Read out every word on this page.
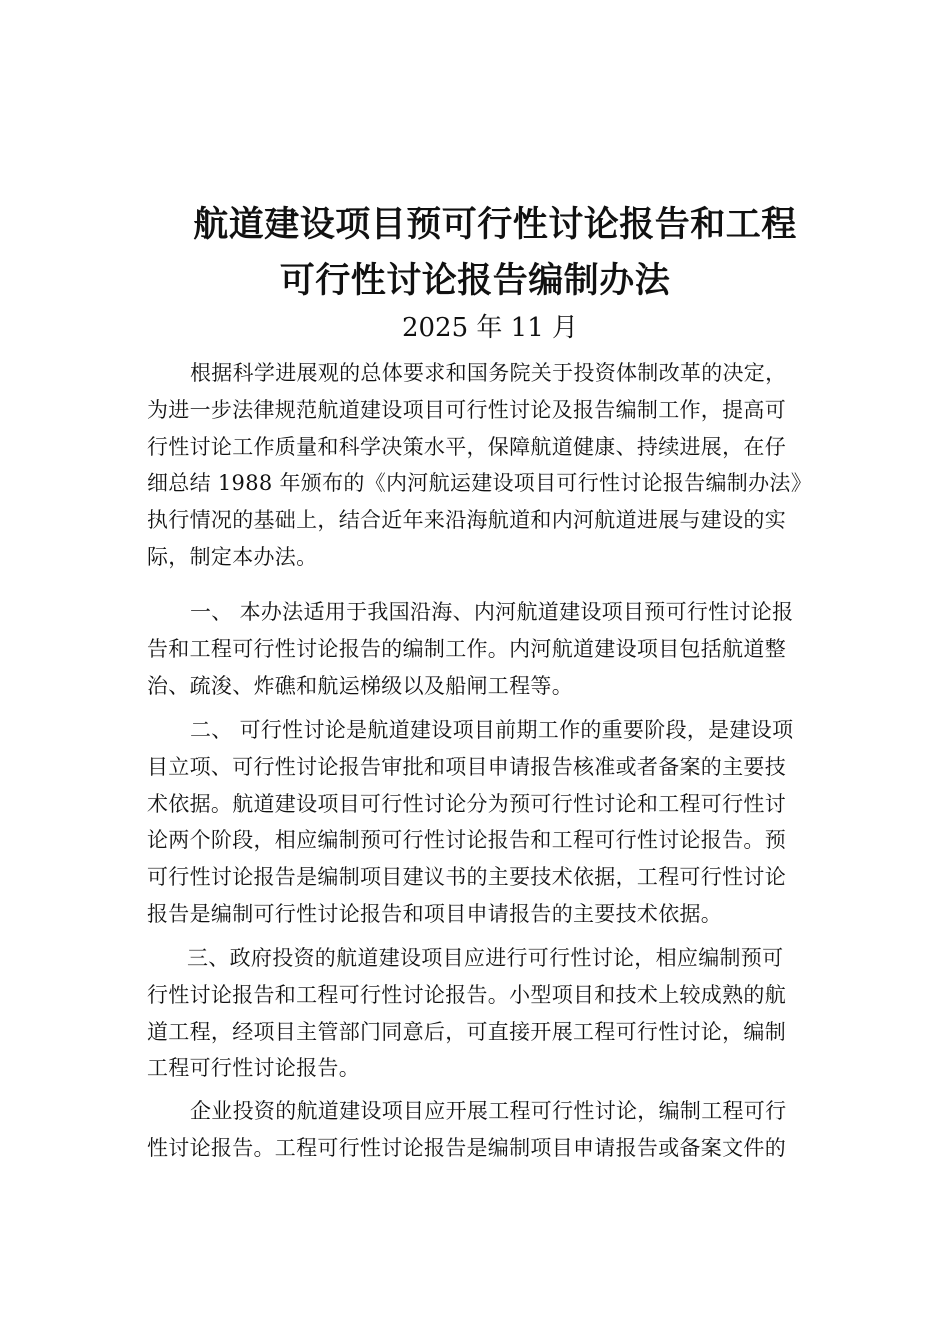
航道建设项目预可行性讨论报告和工程
可行性讨论报告编制办法
2025 年 11 月
根据科学进展观的总体要求和国务院关于投资体制改革的决定，
为进一步法律规范航道建设项目可行性讨论及报告编制工作，提高可
行性讨论工作质量和科学决策水平，保障航道健康、持续进展，在仔
细总结 1988 年颁布的《内河航运建设项目可行性讨论报告编制办法》
执行情况的基础上，结合近年来沿海航道和内河航道进展与建设的实
际，制定本办法。
一、 本办法适用于我国沿海、内河航道建设项目预可行性讨论报
告和工程可行性讨论报告的编制工作。内河航道建设项目包括航道整
治、疏浚、炸礁和航运梯级以及船闸工程等。
二、 可行性讨论是航道建设项目前期工作的重要阶段，是建设项
目立项、可行性讨论报告审批和项目申请报告核准或者备案的主要技
术依据。航道建设项目可行性讨论分为预可行性讨论和工程可行性讨
论两个阶段，相应编制预可行性讨论报告和工程可行性讨论报告。预
可行性讨论报告是编制项目建议书的主要技术依据，工程可行性讨论
报告是编制可行性讨论报告和项目申请报告的主要技术依据。
三、政府投资的航道建设项目应进行可行性讨论，相应编制预可
行性讨论报告和工程可行性讨论报告。小型项目和技术上较成熟的航
道工程，经项目主管部门同意后，可直接开展工程可行性讨论，编制
工程可行性讨论报告。
企业投资的航道建设项目应开展工程可行性讨论，编制工程可行
性讨论报告。工程可行性讨论报告是编制项目申请报告或备案文件的
